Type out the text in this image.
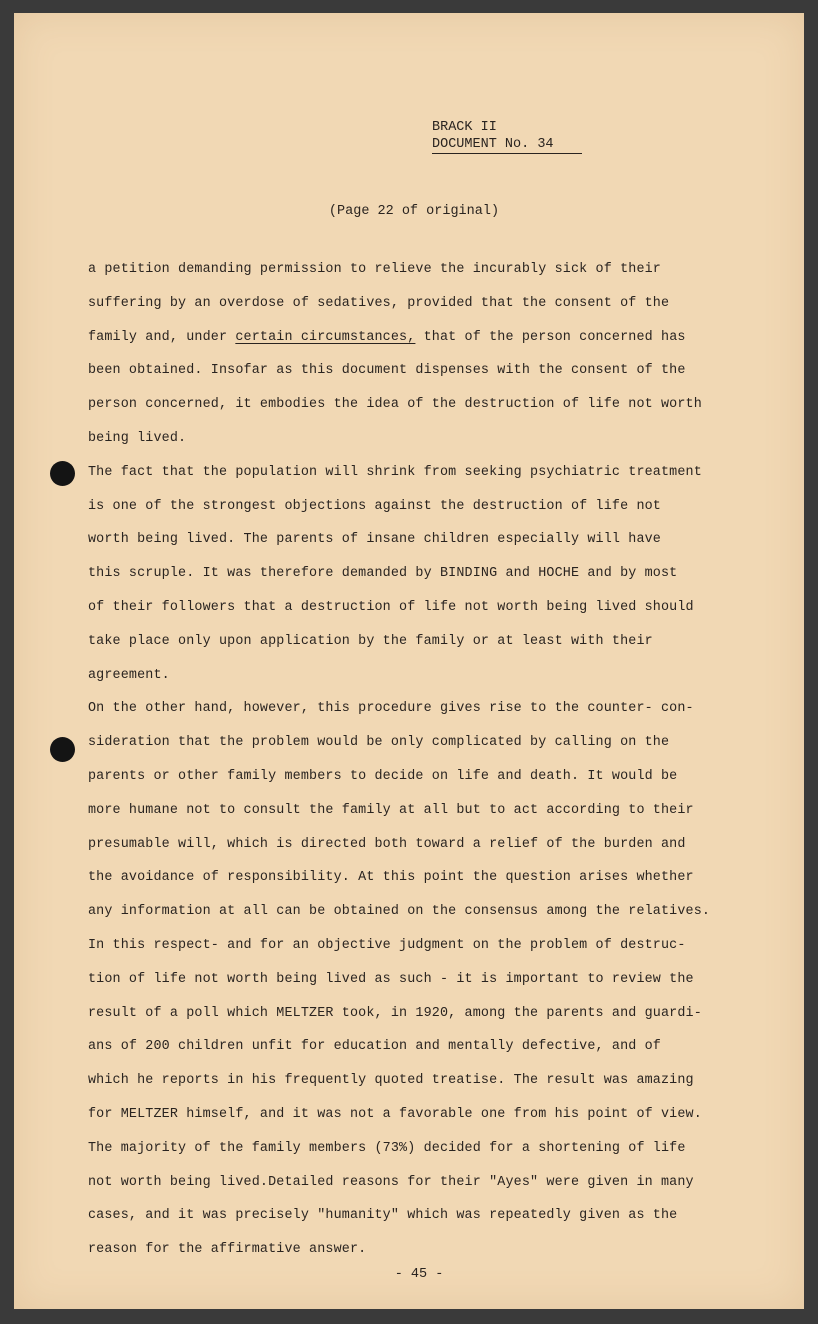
BRACK II
DOCUMENT No. 34
(Page 22 of original)
a petition demanding permission to relieve the incurably sick of their
suffering by an overdose of sedatives, provided that the consent of the
family and, under certain circumstances, that of the person concerned has
been obtained. Insofar as this document dispenses with the consent of the
person concerned, it embodies the idea of the destruction of life not worth
being lived.
The fact that the population will shrink from seeking psychiatric treatment
is one of the strongest objections against the destruction of life not
worth being lived. The parents of insane children especially will have
this scruple. It was therefore demanded by BINDING and HOCHE and by most
of their followers that a destruction of life not worth being lived should
take place only upon application by the family or at least with their
agreement.
On the other hand, however, this procedure gives rise to the counter- con-
sideration that the problem would be only complicated by calling on the
parents or other family members to decide on life and death. It would be
more humane not to consult the family at all but to act according to their
presumable will, which is directed both toward a relief of the burden and
the avoidance of responsibility. At this point the question arises whether
any information at all can be obtained on the consensus among the relatives.
In this respect- and for an objective judgment on the problem of destruc-
tion of life not worth being lived as such - it is important to review the
result of a poll which MELTZER took, in 1920, among the parents and guardi-
ans of 200 children unfit for education and mentally defective, and of
which he reports in his frequently quoted treatise. The result was amazing
for MELTZER himself, and it was not a favorable one from his point of view.
The majority of the family members (73%) decided for a shortening of life
not worth being lived.Detailed reasons for their "Ayes" were given in many
cases, and it was precisely "humanity" which was repeatedly given as the
reason for the affirmative answer.
- 45 -
